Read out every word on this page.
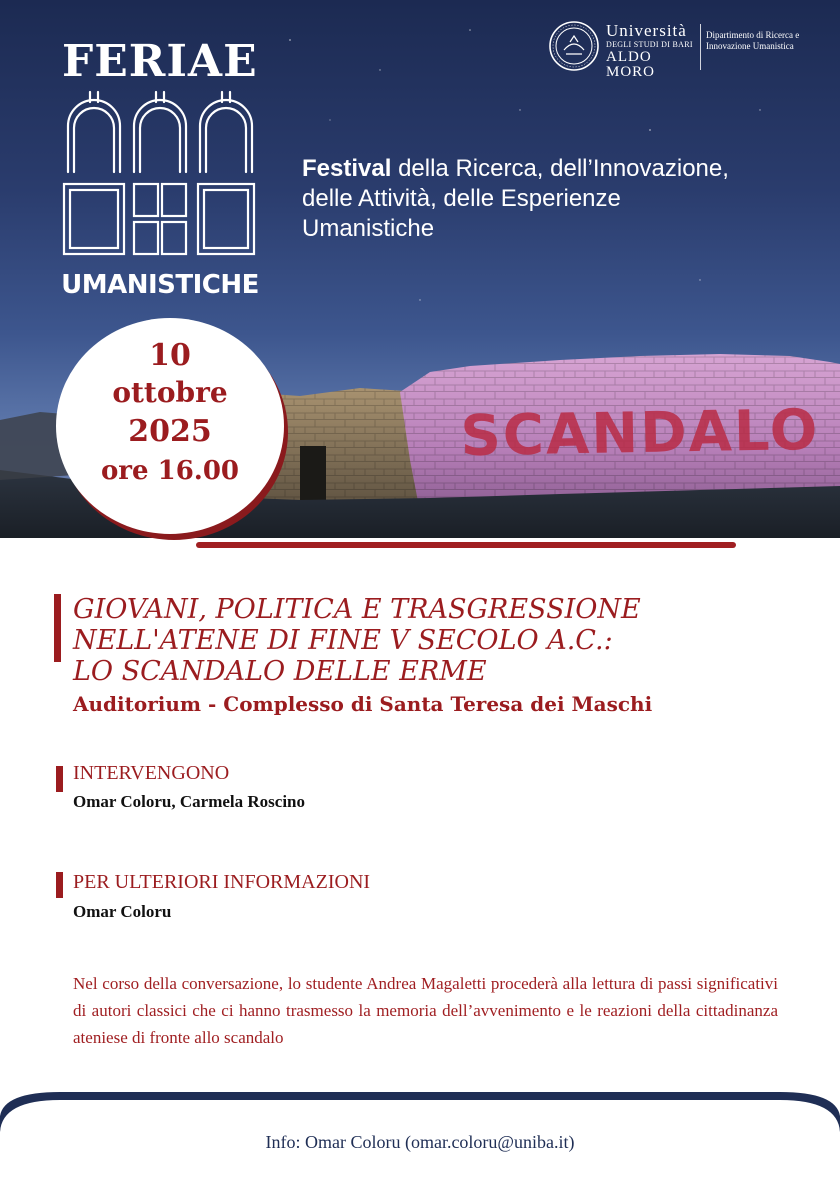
SCANDALO
FERIAE
UMANISTICHE
Festival della Ricerca, dell’Innovazione,
delle Attività, delle Esperienze
Umanistiche
Università
DEGLI STUDI DI BARI
ALDO MORO
Dipartimento di Ricerca e Innovazione Umanistica
10
ottobre
2025
ore 16.00
GIOVANI, POLITICA E TRASGRESSIONE
NELL'ATENE DI FINE V SECOLO A.C.:
LO SCANDALO DELLE ERME
Auditorium - Complesso di Santa Teresa dei Maschi
INTERVENGONO
Omar Coloru, Carmela Roscino
PER ULTERIORI INFORMAZIONI
Omar Coloru
Nel corso della conversazione, lo studente Andrea Magaletti procederà alla lettura di passi significativi di autori classici che ci hanno trasmesso la memoria dell’avvenimento e le reazioni della cittadinanza ateniese di fronte allo scandalo
Info: Omar Coloru (omar.coloru@uniba.it)
